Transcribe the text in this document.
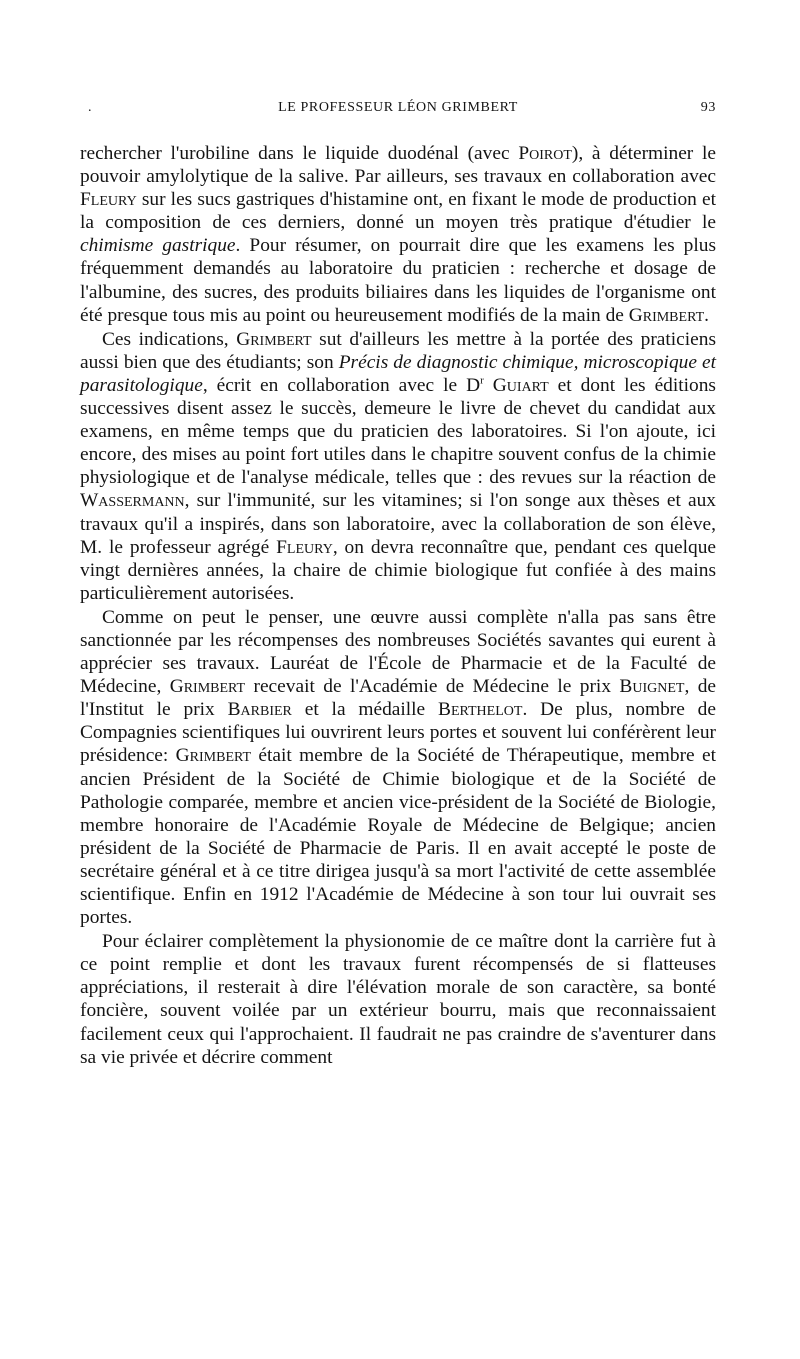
.	LE PROFESSEUR LÉON GRIMBERT	93

rechercher l'urobiline dans le liquide duodénal (avec Poirot), à déterminer le pouvoir amylolytique de la salive. Par ailleurs, ses travaux en collaboration avec Fleury sur les sucs gastriques d'histamine ont, en fixant le mode de production et la composition de ces derniers, donné un moyen très pratique d'étudier le chimisme gastrique. Pour résumer, on pourrait dire que les examens les plus fréquemment demandés au laboratoire du praticien : recherche et dosage de l'albumine, des sucres, des produits biliaires dans les liquides de l'organisme ont été presque tous mis au point ou heureusement modifiés de la main de Grimbert.

Ces indications, Grimbert sut d'ailleurs les mettre à la portée des praticiens aussi bien que des étudiants; son Précis de diagnostic chimique, microscopique et parasitologique, écrit en collaboration avec le $D^r$ Guiart et dont les éditions successives disent assez le succès, demeure le livre de chevet du candidat aux examens, en même temps que du praticien des laboratoires. Si l'on ajoute, ici encore, des mises au point fort utiles dans le chapitre souvent confus de la chimie physiologique et de l'analyse médicale, telles que : des revues sur la réaction de Wassermann, sur l'immunité, sur les vitamines; si l'on songe aux thèses et aux travaux qu'il a inspirés, dans son laboratoire, avec la collaboration de son élève, M. le professeur agrégé Fleury, on devra reconnaître que, pendant ces quelque vingt dernières années, la chaire de chimie biologique fut confiée à des mains particulièrement autorisées.

Comme on peut le penser, une œuvre aussi complète n'alla pas sans être sanctionnée par les récompenses des nombreuses Sociétés savantes qui eurent à apprécier ses travaux. Lauréat de l'École de Pharmacie et de la Faculté de Médecine, Grimbert recevait de l'Académie de Médecine le prix Buignet, de l'Institut le prix Barbier et la médaille Berthelot. De plus, nombre de Compagnies scientifiques lui ouvrirent leurs portes et souvent lui conférèrent leur présidence: Grimbert était membre de la Société de Thérapeutique, membre et ancien Président de la Société de Chimie biologique et de la Société de Pathologie comparée, membre et ancien vice-président de la Société de Biologie, membre honoraire de l'Académie Royale de Médecine de Belgique; ancien président de la Société de Pharmacie de Paris. Il en avait accepté le poste de secrétaire général et à ce titre dirigea jusqu'à sa mort l'activité de cette assemblée scientifique. Enfin en 1912 l'Académie de Médecine à son tour lui ouvrait ses portes.

Pour éclairer complètement la physionomie de ce maître dont la carrière fut à ce point remplie et dont les travaux furent récompensés de si flatteuses appréciations, il resterait à dire l'élévation morale de son caractère, sa bonté foncière, souvent voilée par un extérieur bourru, mais que reconnaissaient facilement ceux qui l'approchaient. Il faudrait ne pas craindre de s'aventurer dans sa vie privée et décrire comment
